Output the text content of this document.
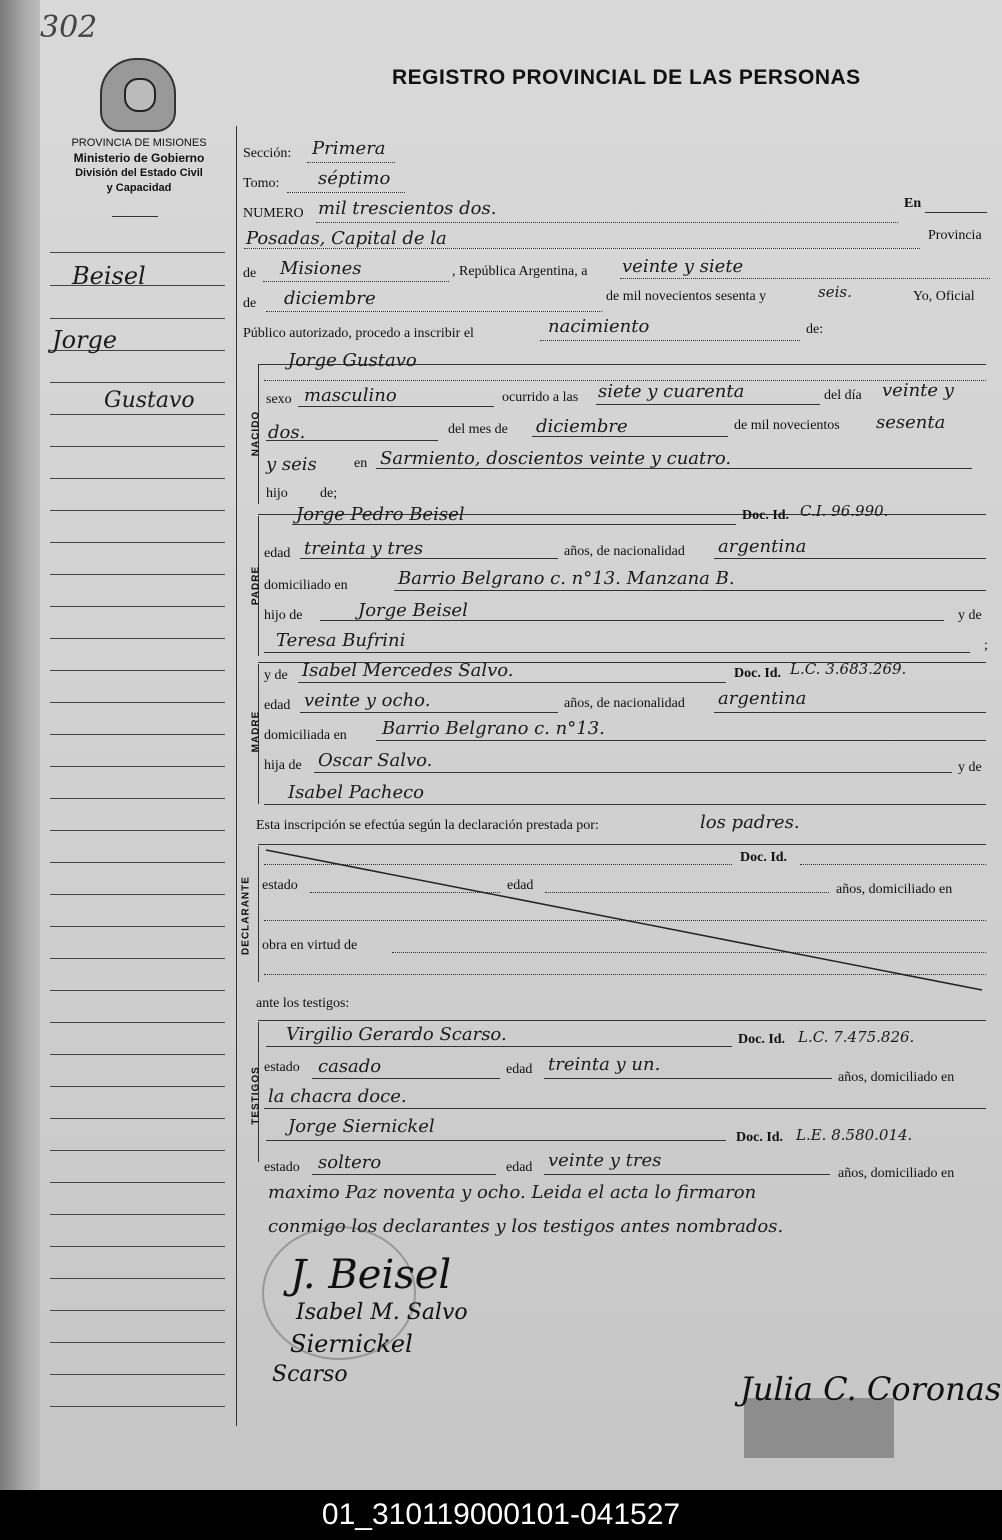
302
REGISTRO PROVINCIAL DE LAS PERSONAS
PROVINCIA DE MISIONES
Ministerio de Gobierno
División del Estado Civil
y Capacidad
Beisel
Jorge
Gustavo
Sección: Primera
Tomo: séptimo
NUMERO mil trescientos dos.	En
Posadas, Capital de la	Provincia
de Misiones	, República Argentina, a veinte y siete
de diciembre	de mil novecientos sesenta y	seis.	Yo, Oficial
Público autorizado, procedo a inscribir el	nacimiento	de:
NACIDO
Jorge Gustavo
sexo masculino	ocurrido a las siete y cuarenta	del día veinte y
dos.	del mes de diciembre	de mil novecientos sesenta
y seis	en Sarmiento, doscientos veinte y cuatro.
hijo de;
PADRE
Jorge Pedro Beisel	Doc. Id. C.I. 96.990.
edad treinta y tres	años, de nacionalidad argentina
domiciliado en	Barrio Belgrano c. n°13. Manzana B.
hijo de	Jorge Beisel	y de
Teresa Bufrini	;
MADRE
y de Isabel Mercedes Salvo.	Doc. Id. L.C. 3.683.269.
edad veinte y ocho.	años, de nacionalidad argentina
domiciliada en Barrio Belgrano c. n°13.
hija de Oscar Salvo.	y de
Isabel Pacheco
Esta inscripción se efectúa según la declaración prestada por:	los padres.
DECLARANTE
Doc. Id.
estado	edad	años, domiciliado en
obra en virtud de
ante los testigos:
TESTIGOS
Virgilio Gerardo Scarso.	Doc. Id. L.C. 7.475.826.
estado casado	edad treinta y un.
años, domiciliado en
la chacra doce.
Jorge Siernickel
Doc. Id. L.E. 8.580.014.
estado soltero	edad veinte y tres
años, domiciliado en
maximo Paz noventa y ocho. Leida el acta lo firmaron
conmigo los declarantes y los testigos antes nombrados.
J. Beisel
Isabel M. Salvo
Siernickel
Scarso	Julia C. Coronas
01_310119000101-041527
